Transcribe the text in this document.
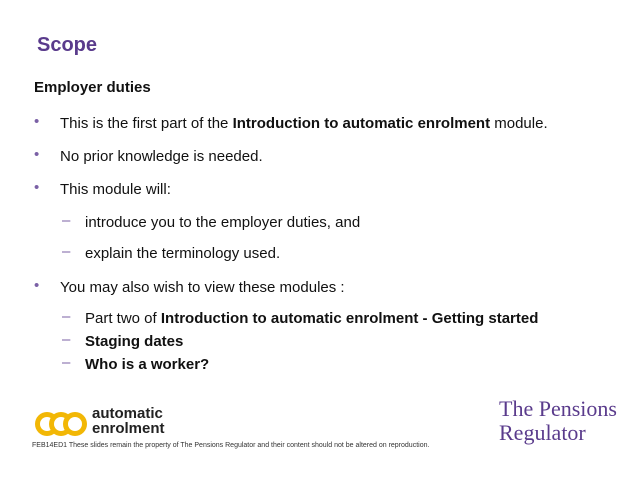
Scope
Employer duties
• This is the first part of the Introduction to automatic enrolment module.
• No prior knowledge is needed.
• This module will:
– introduce you to the employer duties, and
– explain the terminology used.
• You may also wish to view these modules :
– Part two of Introduction to automatic enrolment - Getting started
– Staging dates
– Who is a worker?
automatic
enrolment
The Pensions
Regulator
FEB14ED1 These slides remain the property of The Pensions Regulator and their content should not be altered on reproduction.
